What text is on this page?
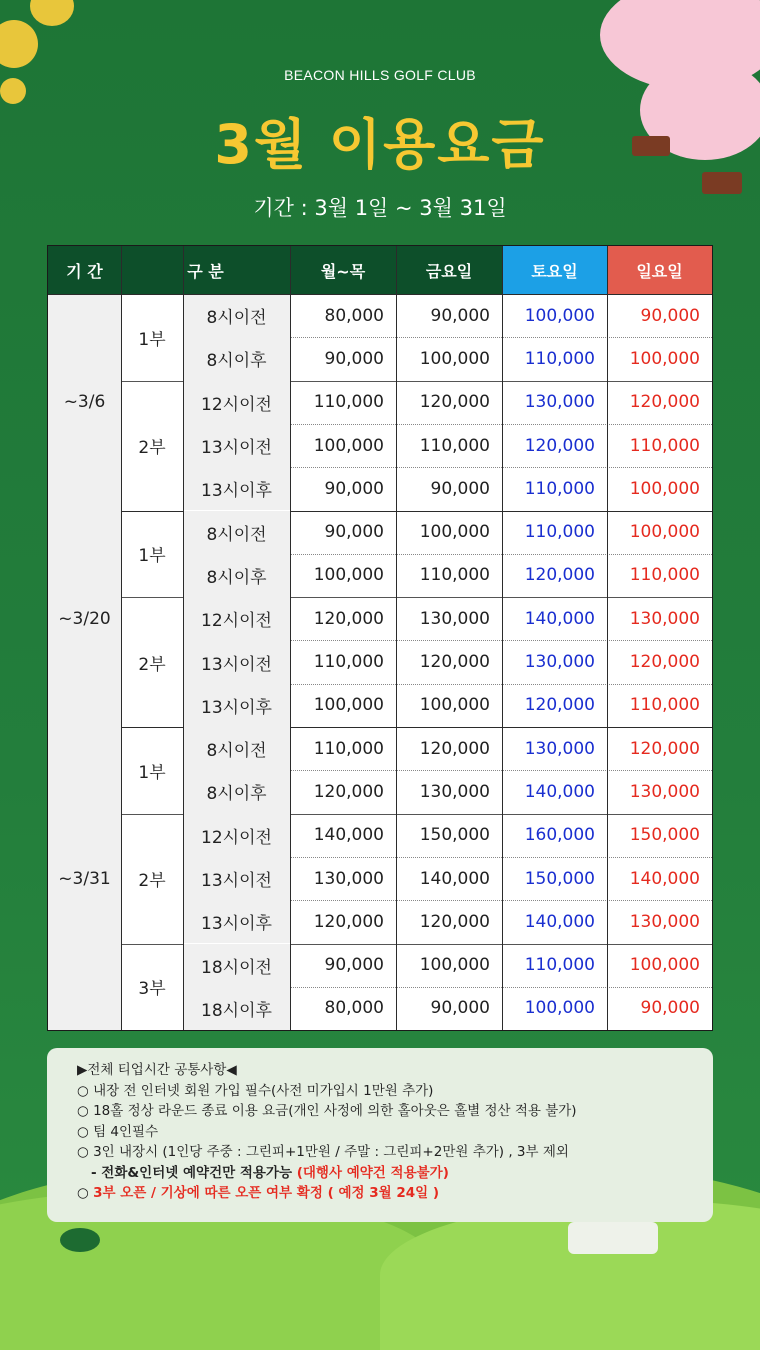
BEACON HILLS GOLF CLUB
3월 이용요금
기간 : 3월 1일 ~ 3월 31일
기 간	구 분	월~목	금요일	토요일	일요일
~3/6
1부
8시이전	80,000	90,000	100,000	90,000
8시이후	90,000	100,000	110,000	100,000
2부
12시이전	110,000	120,000	130,000	120,000
13시이전	100,000	110,000	120,000	110,000
13시이후	90,000	90,000	110,000	100,000
~3/20
1부
8시이전	90,000	100,000	110,000	100,000
8시이후	100,000	110,000	120,000	110,000
2부
12시이전	120,000	130,000	140,000	130,000
13시이전	110,000	120,000	130,000	120,000
13시이후	100,000	100,000	120,000	110,000
~3/31
1부
8시이전	110,000	120,000	130,000	120,000
8시이후	120,000	130,000	140,000	130,000
2부
12시이전	140,000	150,000	160,000	150,000
13시이전	130,000	140,000	150,000	140,000
13시이후	120,000	120,000	140,000	130,000
3부
18시이전	90,000	100,000	110,000	100,000
18시이후	80,000	90,000	100,000	90,000
▶전체 티업시간 공통사항◀
○ 내장 전 인터넷 회원 가입 필수(사전 미가입시 1만원 추가)
○ 18홀 정상 라운드 종료 이용 요금(개인 사정에 의한 홀아웃은 홀별 정산 적용 불가)
○ 팀 4인필수
○ 3인 내장시 (1인당 주중 : 그린피+1만원 / 주말 : 그린피+2만원 추가) , 3부 제외
- 전화&인터넷 예약건만 적용가능 (대행사 예약건 적용불가)
○ 3부 오픈 / 기상에 따른 오픈 여부 확정 ( 예정 3월 24일 )
